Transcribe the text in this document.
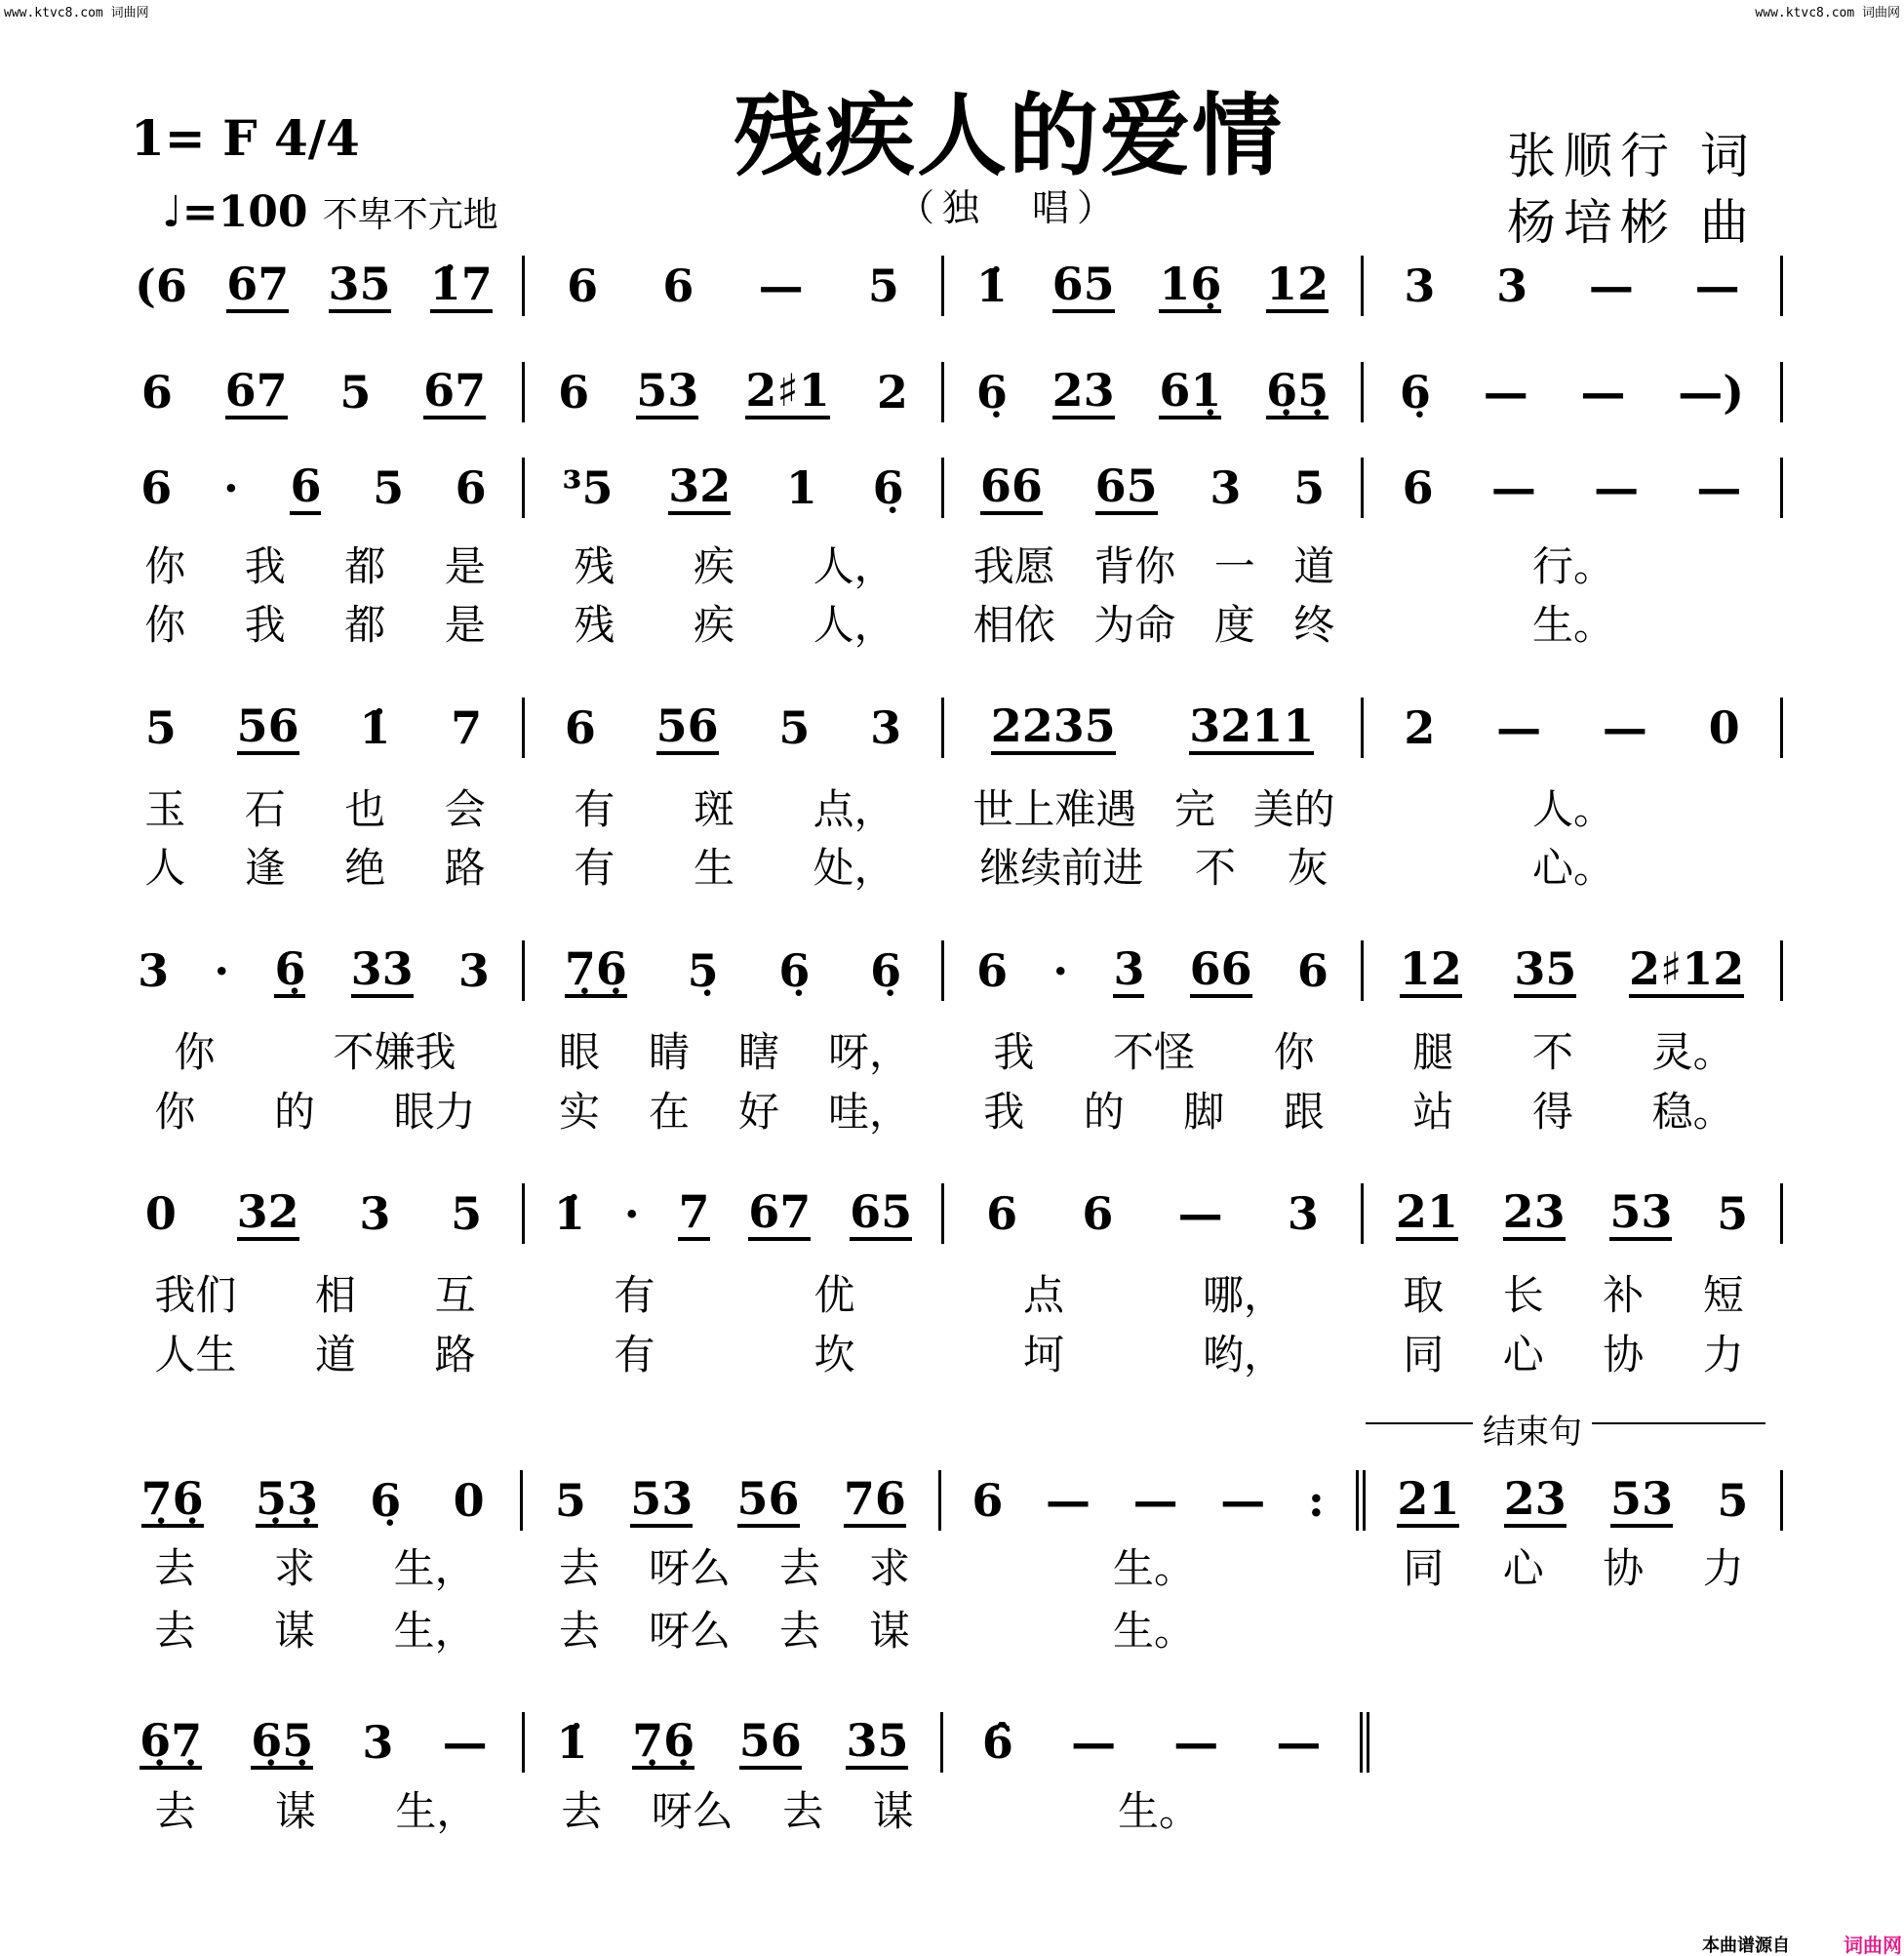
www.ktvc8.com 词曲网	www.ktvc8.com 词曲网
残疾人的爱情
（独　唱）
1= F 4/4
♩=100 不卑不亢地
张顺行 词
杨培彬 曲
结束句
(6 67 35 1̇7 6 6 — 5 1̇ 65 16̣ 12 3 3 — —
6 67 5 67 6 53 2♯1 2 6̣ 23 61̣ 6̣5̣ 6̣ — — —)
6 · 6 5 6 ³5 32 1 6̣ 66 65 3 5 6 — — —
你 我 都 是 残 疾 人， 我愿 背你 一 道	行。
你 我 都 是 残 疾 人， 相依 为命 度 终	生。
5 56 1̇ 7 6 56 5 3 2235 3211 2 — — 0
玉 石 也 会 有 斑 点， 世上难遇 完 美的	人。
人 逢 绝 路 有 生 处， 继续前进 不 灰	心。
3 · 6̣ 33 3 7̣6̣ 5̣ 6̣ 6̣ 6 · 3 66 6 12 35 2♯12
你	不嫌我	眼 睛 瞎 呀， 我 不怪 你 腿 不 灵。
你 的 眼力 实 在 好 哇， 我 的 脚 跟 站 得 稳。
0 32 3 5 1̇ · 7 67 65 6 6 — 3 21 23 53 5
我们 相 互	有	优	点	哪，	取 长 补 短
人生 道 路	有	坎	坷	哟，	同 心 协 力
7̣6̣ 5̣3̣ 6̣ 0 5 53 56 76 6 — — — : 21 23 53 5
去 求 生， 去 呀么 去 求	生。	同 心 协 力
去 谋 生， 去 呀么 去 谋	生。
6̣7̣ 6̣5̣ 3 — 1̇ 7̣6̣ 56 35 6̂ — — —
去 谋 生， 去 呀么 去 谋	生。
本曲谱源自	词曲网
